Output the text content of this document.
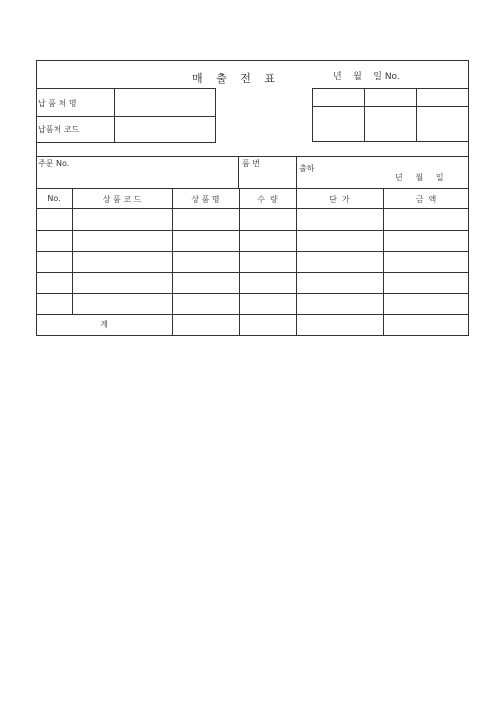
매 출 전 표	년    월    일 No.
납 품 처 명
납품처 코드
주문 No.	품 번
출하
년     월     일
No.	상 품 코 드	상 품 명	수  량	단  가	금  액
계
